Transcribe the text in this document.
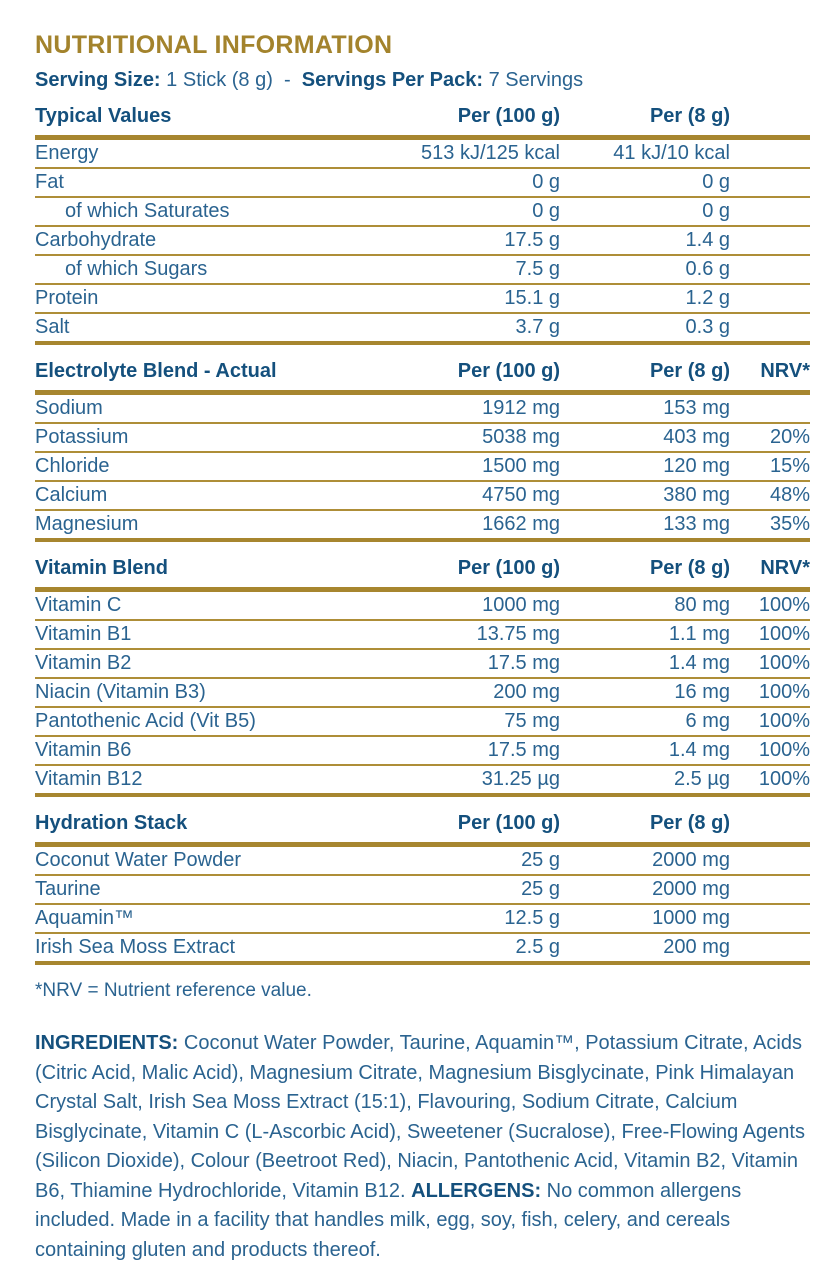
NUTRITIONAL INFORMATION

Serving Size: 1 Stick (8 g) - Servings Per Pack: 7 Servings

Typical Values	Per (100 g)	Per (8 g)
Energy	513 kJ/125 kcal	41 kJ/10 kcal
Fat	0 g	0 g
of which Saturates	0 g	0 g
Carbohydrate	17.5 g	1.4 g
of which Sugars	7.5 g	0.6 g
Protein	15.1 g	1.2 g
Salt	3.7 g	0.3 g
Electrolyte Blend - Actual	Per (100 g)	Per (8 g)	NRV*
Sodium	1912 mg	153 mg
Potassium	5038 mg	403 mg	20%
Chloride	1500 mg	120 mg	15%
Calcium	4750 mg	380 mg	48%
Magnesium	1662 mg	133 mg	35%
Vitamin Blend	Per (100 g)	Per (8 g)	NRV*
Vitamin C	1000 mg	80 mg	100%
Vitamin B1	13.75 mg	1.1 mg	100%
Vitamin B2	17.5 mg	1.4 mg	100%
Niacin (Vitamin B3)	200 mg	16 mg	100%
Pantothenic Acid (Vit B5)	75 mg	6 mg	100%
Vitamin B6	17.5 mg	1.4 mg	100%
Vitamin B12	31.25 µg	2.5 µg	100%
Hydration Stack	Per (100 g)	Per (8 g)
Coconut Water Powder	25 g	2000 mg
Taurine	25 g	2000 mg
Aquamin™	12.5 g	1000 mg
Irish Sea Moss Extract	2.5 g	200 mg

*NRV = Nutrient reference value.

INGREDIENTS: Coconut Water Powder, Taurine, Aquamin™, Potassium Citrate, Acids (Citric Acid, Malic Acid), Magnesium Citrate, Magnesium Bisglycinate, Pink Himalayan Crystal Salt, Irish Sea Moss Extract (15:1), Flavouring, Sodium Citrate, Calcium Bisglycinate, Vitamin C (L-Ascorbic Acid), Sweetener (Sucralose), Free-Flowing Agents (Silicon Dioxide), Colour (Beetroot Red), Niacin, Pantothenic Acid, Vitamin B2, Vitamin B6, Thiamine Hydrochloride, Vitamin B12. ALLERGENS: No common allergens included. Made in a facility that handles milk, egg, soy, fish, celery, and cereals containing gluten and products thereof.
